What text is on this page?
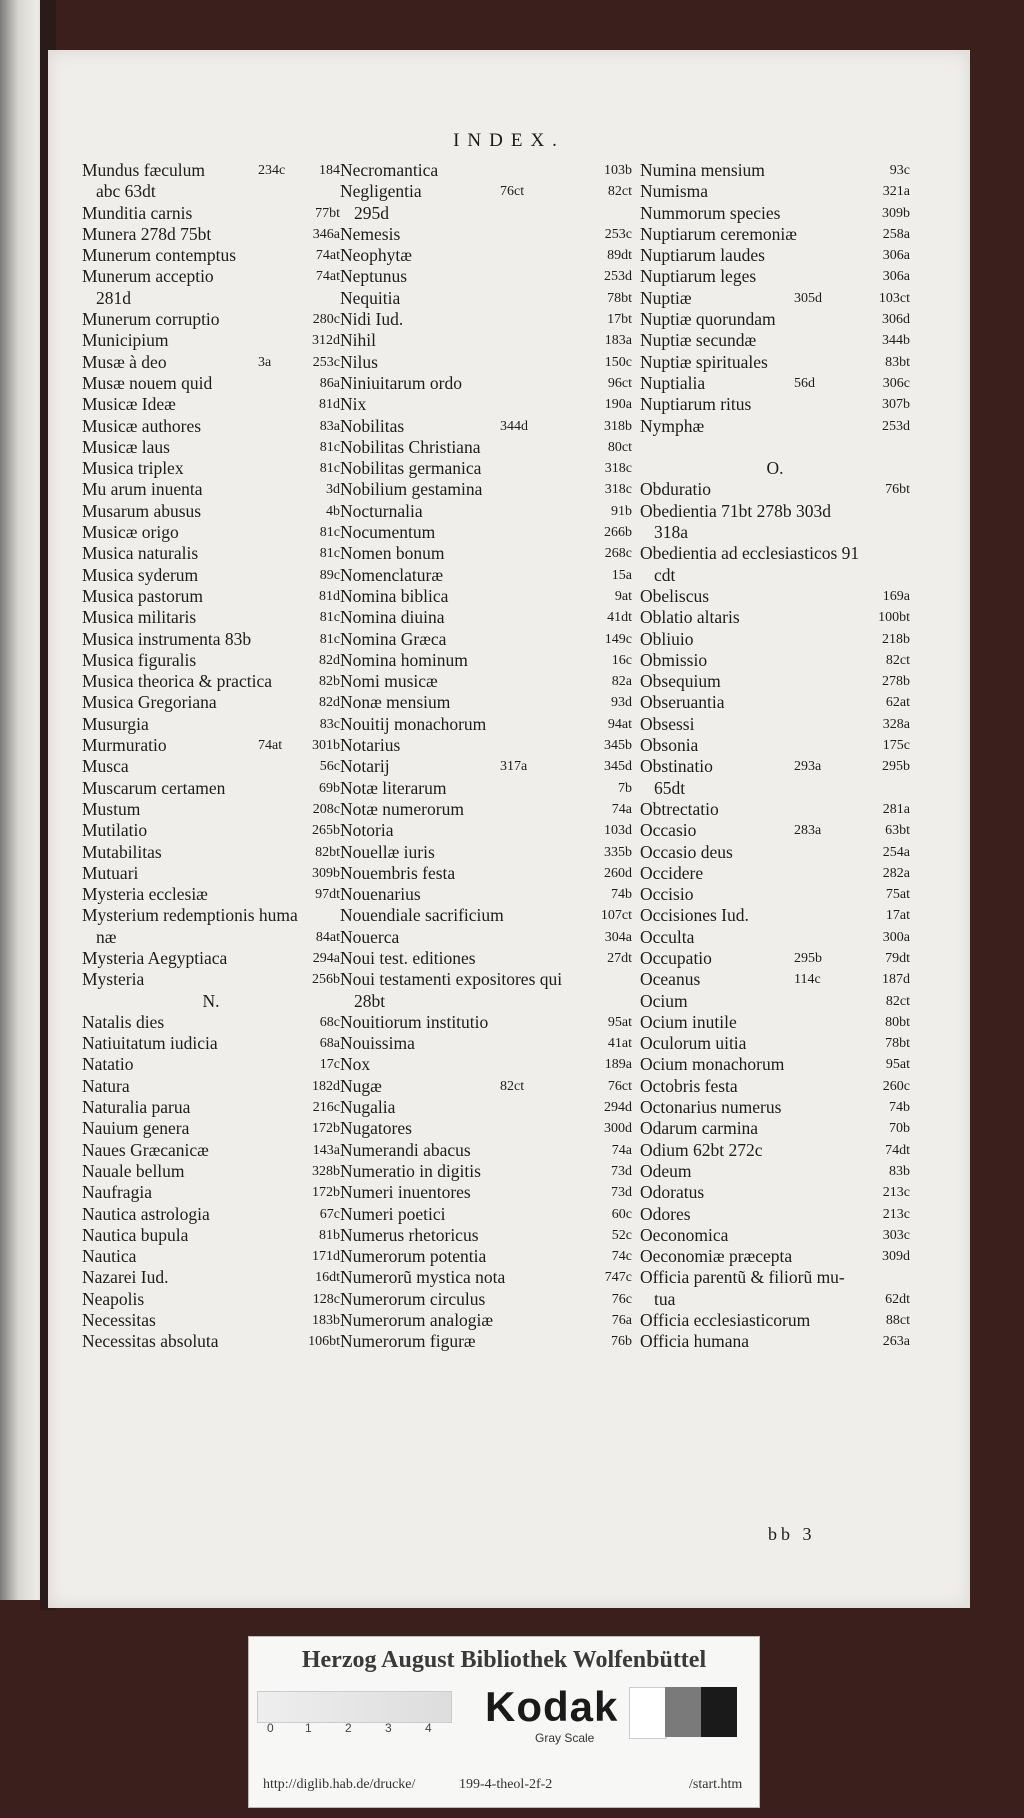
INDEX.
Mundus fæculum	234c 184
abc 63dt
Munditia carnis	77bt
Munera 278d 75bt	346a
Munerum contemptus	74at
Munerum acceptio	74at
281d
Munerum corruptio	280c
Municipium	312d
Musæ à deo	3a	253c
Musæ nouem quid	86a
Musicæ Ideæ	81d
Musicæ authores	83a
Musicæ laus	81c
Musica triplex	81c
Mu arum inuenta	3d
Musarum abusus	4b
Musicæ origo	81c
Musica naturalis	81c
Musica syderum	89c
Musica pastorum	81d
Musica militaris	81c
Musica instrumenta 83b	81c
Musica figuralis	82d
Musica theorica & practica	82b
Musica Gregoriana	82d
Musurgia	83c
Murmuratio	74at 301b
Musca	56c
Muscarum certamen	69b
Mustum	208c
Mutilatio	265b
Mutabilitas	82bt
Mutuari	309b
Mysteria ecclesiæ	97dt
Mysterium redemptionis huma
næ	84at
Mysteria Aegyptiaca	294a
Mysteria	256b
N.
Natalis dies	68c
Natiuitatum iudicia	68a
Natatio	17c
Natura	182d
Naturalia parua	216c
Nauium genera	172b
Naues Græcanicæ	143a
Nauale bellum	328b
Naufragia	172b
Nautica astrologia	67c
Nautica bupula	81b
Nautica	171d
Nazarei Iud.	16dt
Neapolis	128c
Necessitas	183b
Necessitas absoluta	106bt
Necromantica	103b
Negligentia	76ct	82ct
295d
Nemesis	253c
Neophytæ	89dt
Neptunus	253d
Nequitia	78bt
Nidi Iud.	17bt
Nihil	183a
Nilus	150c
Niniuitarum ordo	96ct
Nix	190a
Nobilitas	344d	318b
Nobilitas Christiana	80ct
Nobilitas germanica	318c
Nobilium gestamina	318c
Nocturnalia	91b
Nocumentum	266b
Nomen bonum	268c
Nomenclaturæ	15a
Nomina biblica	9at
Nomina diuina	41dt
Nomina Græca	149c
Nomina hominum	16c
Nomi musicæ	82a
Nonæ mensium	93d
Nouitij monachorum	94at
Notarius	345b
Notarij	317a	345d
Notæ literarum	7b
Notæ numerorum	74a
Notoria	103d
Nouellæ iuris	335b
Nouembris festa	260d
Nouenarius	74b
Nouendiale sacrificium	107ct
Nouerca	304a
Noui test. editiones	27dt
Noui testamenti expositores qui
28bt
Nouitiorum institutio	95at
Nouissima	41at
Nox	189a
Nugæ	82ct	76ct
Nugalia	294d
Nugatores	300d
Numerandi abacus	74a
Numeratio in digitis	73d
Numeri inuentores	73d
Numeri poetici	60c
Numerus rhetoricus	52c
Numerorum potentia	74c
Numerorũ mystica nota	747c
Numerorum circulus	76c
Numerorum analogiæ	76a
Numerorum figuræ	76b
Numina mensium	93c
Numisma	321a
Nummorum species	309b
Nuptiarum ceremoniæ	258a
Nuptiarum laudes	306a
Nuptiarum leges	306a
Nuptiæ	305d	103ct
Nuptiæ quorundam	306d
Nuptiæ secundæ	344b
Nuptiæ spirituales	83bt
Nuptialia	56d	306c
Nuptiarum ritus	307b
Nymphæ	253d
O.
Obduratio	76bt
Obedientia 71bt 278b 303d
318a
Obedientia ad ecclesiasticos 91
cdt
Obeliscus	169a
Oblatio altaris	100bt
Obliuio	218b
Obmissio	82ct
Obsequium	278b
Obseruantia	62at
Obsessi	328a
Obsonia	175c
Obstinatio	293a	295b
65dt
Obtrectatio	281a
Occasio	283a	63bt
Occasio deus	254a
Occidere	282a
Occisio	75at
Occisiones Iud.	17at
Occulta	300a
Occupatio	295b	79dt
Oceanus	114c	187d
Ocium	82ct
Ocium inutile	80bt
Oculorum uitia	78bt
Ocium monachorum	95at
Octobris festa	260c
Octonarius numerus	74b
Odarum carmina	70b
Odium 62bt 272c	74dt
Odeum	83b
Odoratus	213c
Odores	213c
Oeconomica	303c
Oeconomiæ præcepta	309d
Officia parentũ & filiorũ mu-
tua	62dt
Officia ecclesiasticorum	88ct
Officia humana	263a
bb 3
Herzog August Bibliothek Wolfenbüttel
0	1	2	3	4 Kodak
Gray Scale
http://diglib.hab.de/drucke/	199-4-theol-2f-2	/start.htm
